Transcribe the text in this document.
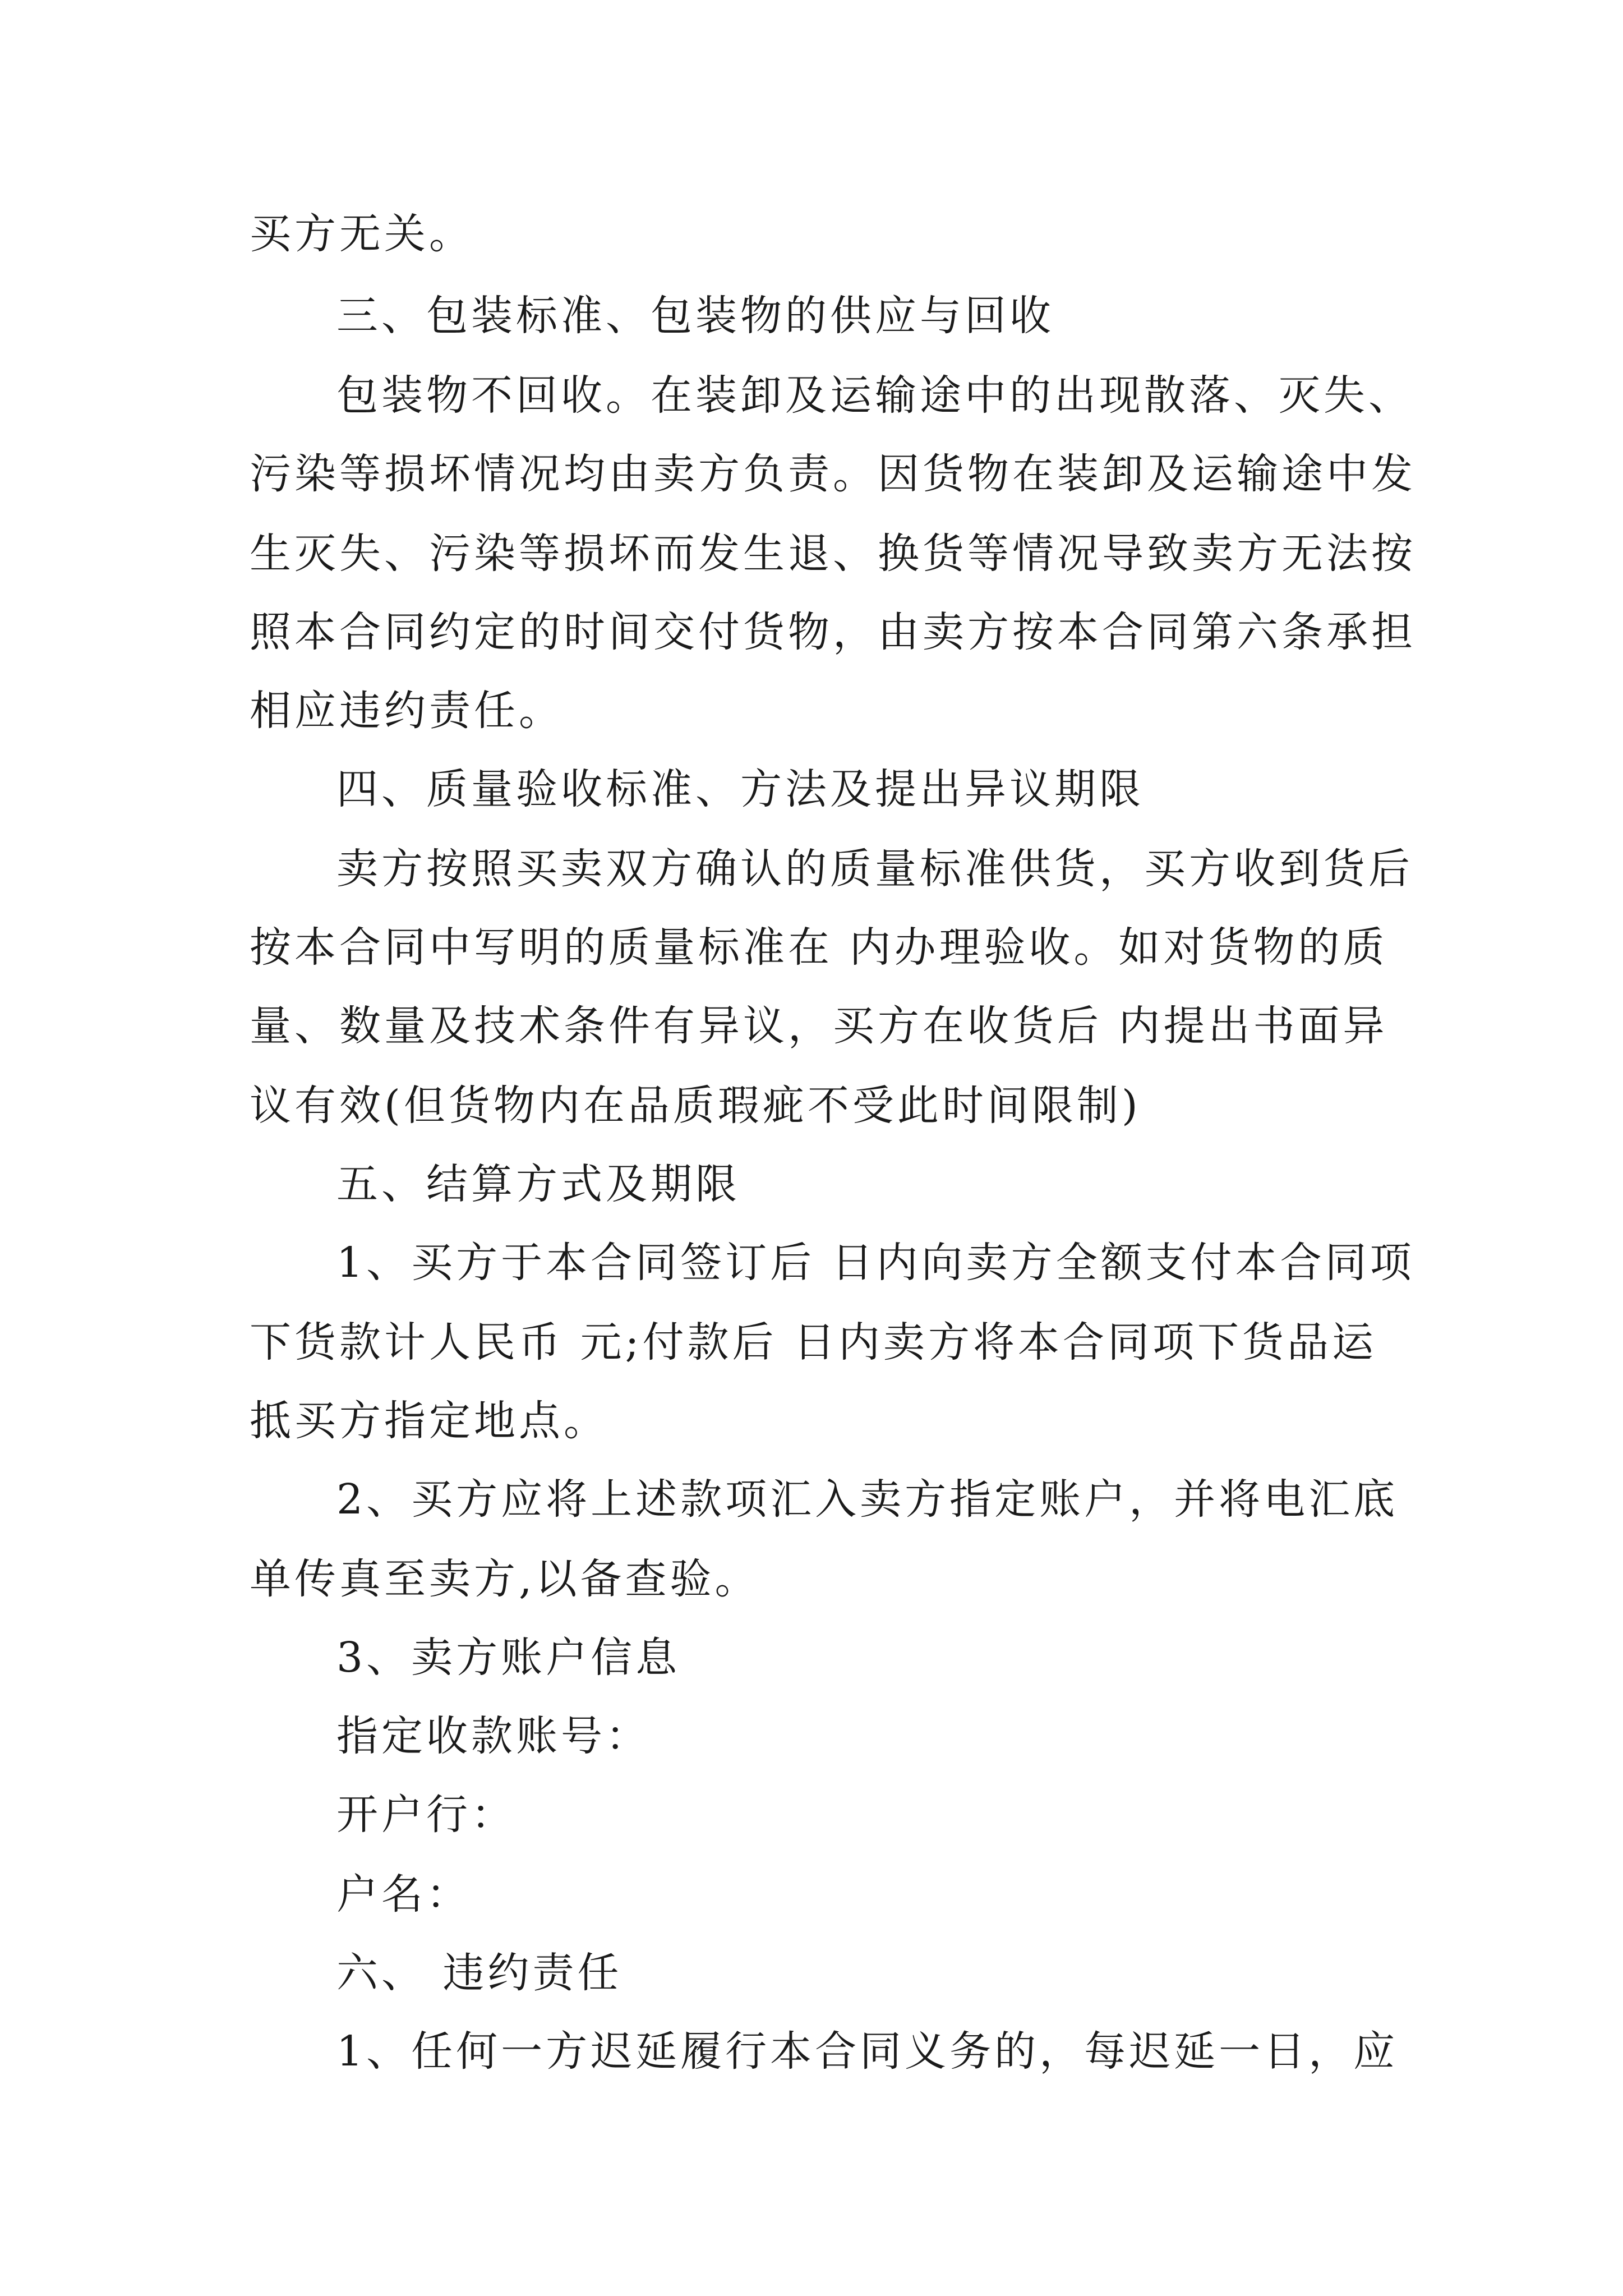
买方无关。
三、包装标准、包装物的供应与回收
包装物不回收。在装卸及运输途中的出现散落、灭失、
污染等损坏情况均由卖方负责。因货物在装卸及运输途中发
生灭失、污染等损坏而发生退、换货等情况导致卖方无法按
照本合同约定的时间交付货物，由卖方按本合同第六条承担
相应违约责任。
四、质量验收标准、方法及提出异议期限
卖方按照买卖双方确认的质量标准供货，买方收到货后
按本合同中写明的质量标准在 内办理验收。如对货物的质
量、数量及技术条件有异议，买方在收货后 内提出书面异
议有效(但货物内在品质瑕疵不受此时间限制)
五、结算方式及期限
1、买方于本合同签订后 日内向卖方全额支付本合同项
下货款计人民币 元;付款后 日内卖方将本合同项下货品运
抵买方指定地点。
2、买方应将上述款项汇入卖方指定账户，并将电汇底
单传真至卖方,以备查验。
3、卖方账户信息
指定收款账号：
开户行：
户名：
六、 违约责任
1、任何一方迟延履行本合同义务的，每迟延一日，应
